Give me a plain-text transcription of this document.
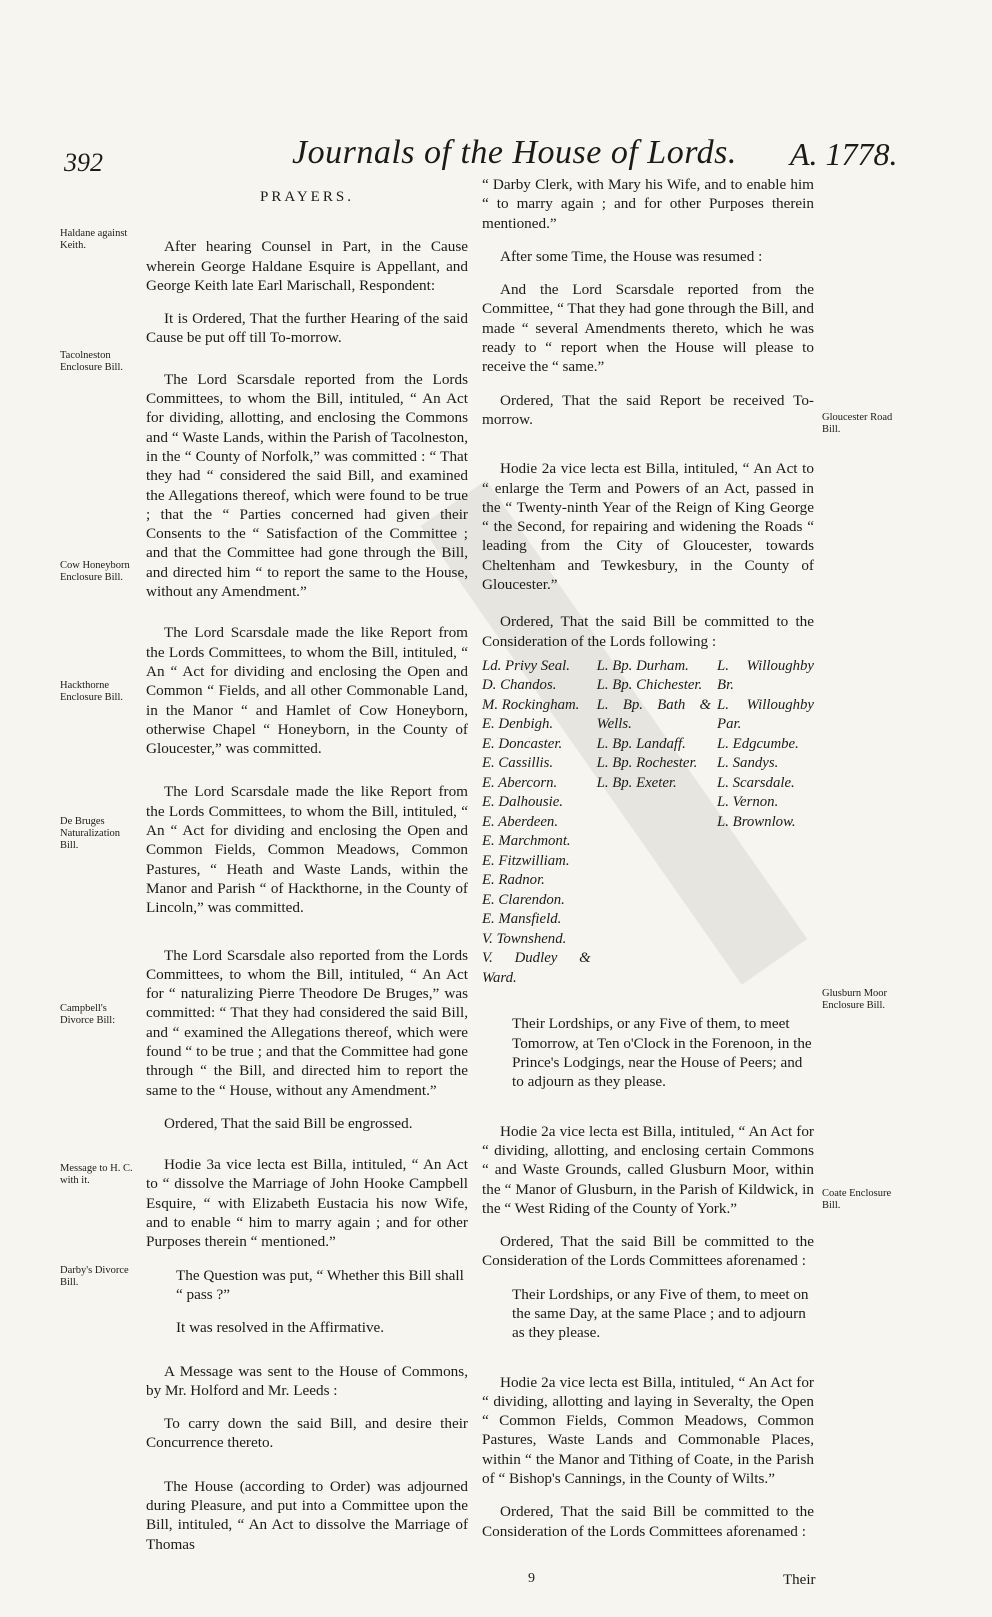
392	Journals of the House of Lords. A. 1778.
Haldane against Keith.
Tacolneston Enclosure Bill.
Cow Honeyborn Enclosure Bill.
Hackthorne Enclosure Bill.
De Bruges Naturalization Bill.
Campbell's Divorce Bill:
Message to H. C. with it.
Darby's Divorce Bill.
PRAYERS.

After hearing Counsel in Part, in the Cause wherein George Haldane Esquire is Appellant, and George Keith late Earl Marischall, Respondent:

It is Ordered, That the further Hearing of the said Cause be put off till To-morrow.

The Lord Scarsdale reported from the Lords Committees, to whom the Bill, intituled, “ An Act for dividing, allotting, and enclosing the Commons and “ Waste Lands, within the Parish of Tacolneston, in the “ County of Norfolk,” was committed : “ That they had “ considered the said Bill, and examined the Allegations thereof, which were found to be true ; that the “ Parties concerned had given their Consents to the “ Satisfaction of the Committee ; and that the Committee had gone through the Bill, and directed him “ to report the same to the House, without any Amendment.”

The Lord Scarsdale made the like Report from the Lords Committees, to whom the Bill, intituled, “ An “ Act for dividing and enclosing the Open and Common “ Fields, and all other Commonable Land, in the Manor “ and Hamlet of Cow Honeyborn, otherwise Chapel “ Honeyborn, in the County of Gloucester,” was committed.

The Lord Scarsdale made the like Report from the Lords Committees, to whom the Bill, intituled, “ An “ Act for dividing and enclosing the Open and Common Fields, Common Meadows, Common Pastures, “ Heath and Waste Lands, within the Manor and Parish “ of Hackthorne, in the County of Lincoln,” was committed.

The Lord Scarsdale also reported from the Lords Committees, to whom the Bill, intituled, “ An Act for “ naturalizing Pierre Theodore De Bruges,” was committed: “ That they had considered the said Bill, and “ examined the Allegations thereof, which were found “ to be true ; and that the Committee had gone through “ the Bill, and directed him to report the same to the “ House, without any Amendment.”

Ordered, That the said Bill be engrossed.

Hodie 3a vice lecta est Billa, intituled, “ An Act to “ dissolve the Marriage of John Hooke Campbell Esquire, “ with Elizabeth Eustacia his now Wife, and to enable “ him to marry again ; and for other Purposes therein “ mentioned.”

The Question was put, “ Whether this Bill shall “ pass ?”

It was resolved in the Affirmative.

A Message was sent to the House of Commons, by Mr. Holford and Mr. Leeds :

To carry down the said Bill, and desire their Concurrence thereto.

The House (according to Order) was adjourned during Pleasure, and put into a Committee upon the Bill, intituled, “ An Act to dissolve the Marriage of Thomas

Gloucester Road Bill.
Glusburn Moor Enclosure Bill.
Coate Enclosure Bill.

“ Darby Clerk, with Mary his Wife, and to enable him “ to marry again ; and for other Purposes therein mentioned.”

After some Time, the House was resumed :

And the Lord Scarsdale reported from the Committee, “ That they had gone through the Bill, and made “ several Amendments thereto, which he was ready to “ report when the House will please to receive the “ same.”

Ordered, That the said Report be received To-morrow.

Hodie 2a vice lecta est Billa, intituled, “ An Act to “ enlarge the Term and Powers of an Act, passed in the “ Twenty-ninth Year of the Reign of King George “ the Second, for repairing and widening the Roads “ leading from the City of Gloucester, towards Cheltenham and Tewkesbury, in the County of Gloucester.”

Ordered, That the said Bill be committed to the Consideration of the Lords following :

Ld. Privy Seal.
D. Chandos.
M. Rockingham.
E. Denbigh.
E. Doncaster.
E. Cassillis.
E. Abercorn.
E. Dalhousie.
E. Aberdeen.
E. Marchmont.
E. Fitzwilliam.
E. Radnor.
E. Clarendon.
E. Mansfield.
V. Townshend.
V. Dudley & Ward.
L. Bp. Durham.
L. Bp. Chichester.
L. Bp. Bath & Wells.
L. Bp. Landaff.
L. Bp. Rochester.
L. Bp. Exeter.
L. Willoughby Br.
L. Willoughby Par.
L. Edgcumbe.
L. Sandys.
L. Scarsdale.
L. Vernon.
L. Brownlow.

Their Lordships, or any Five of them, to meet Tomorrow, at Ten o'Clock in the Forenoon, in the Prince's Lodgings, near the House of Peers; and to adjourn as they please.

Hodie 2a vice lecta est Billa, intituled, “ An Act for “ dividing, allotting, and enclosing certain Commons “ and Waste Grounds, called Glusburn Moor, within the “ Manor of Glusburn, in the Parish of Kildwick, in the “ West Riding of the County of York.”

Ordered, That the said Bill be committed to the Consideration of the Lords Committees aforenamed :

Their Lordships, or any Five of them, to meet on the same Day, at the same Place ; and to adjourn as they please.

Hodie 2a vice lecta est Billa, intituled, “ An Act for “ dividing, allotting and laying in Severalty, the Open “ Common Fields, Common Meadows, Common Pastures, Waste Lands and Commonable Places, within “ the Manor and Tithing of Coate, in the Parish of “ Bishop's Cannings, in the County of Wilts.”

Ordered, That the said Bill be committed to the Consideration of the Lords Committees aforenamed :

9	Their
